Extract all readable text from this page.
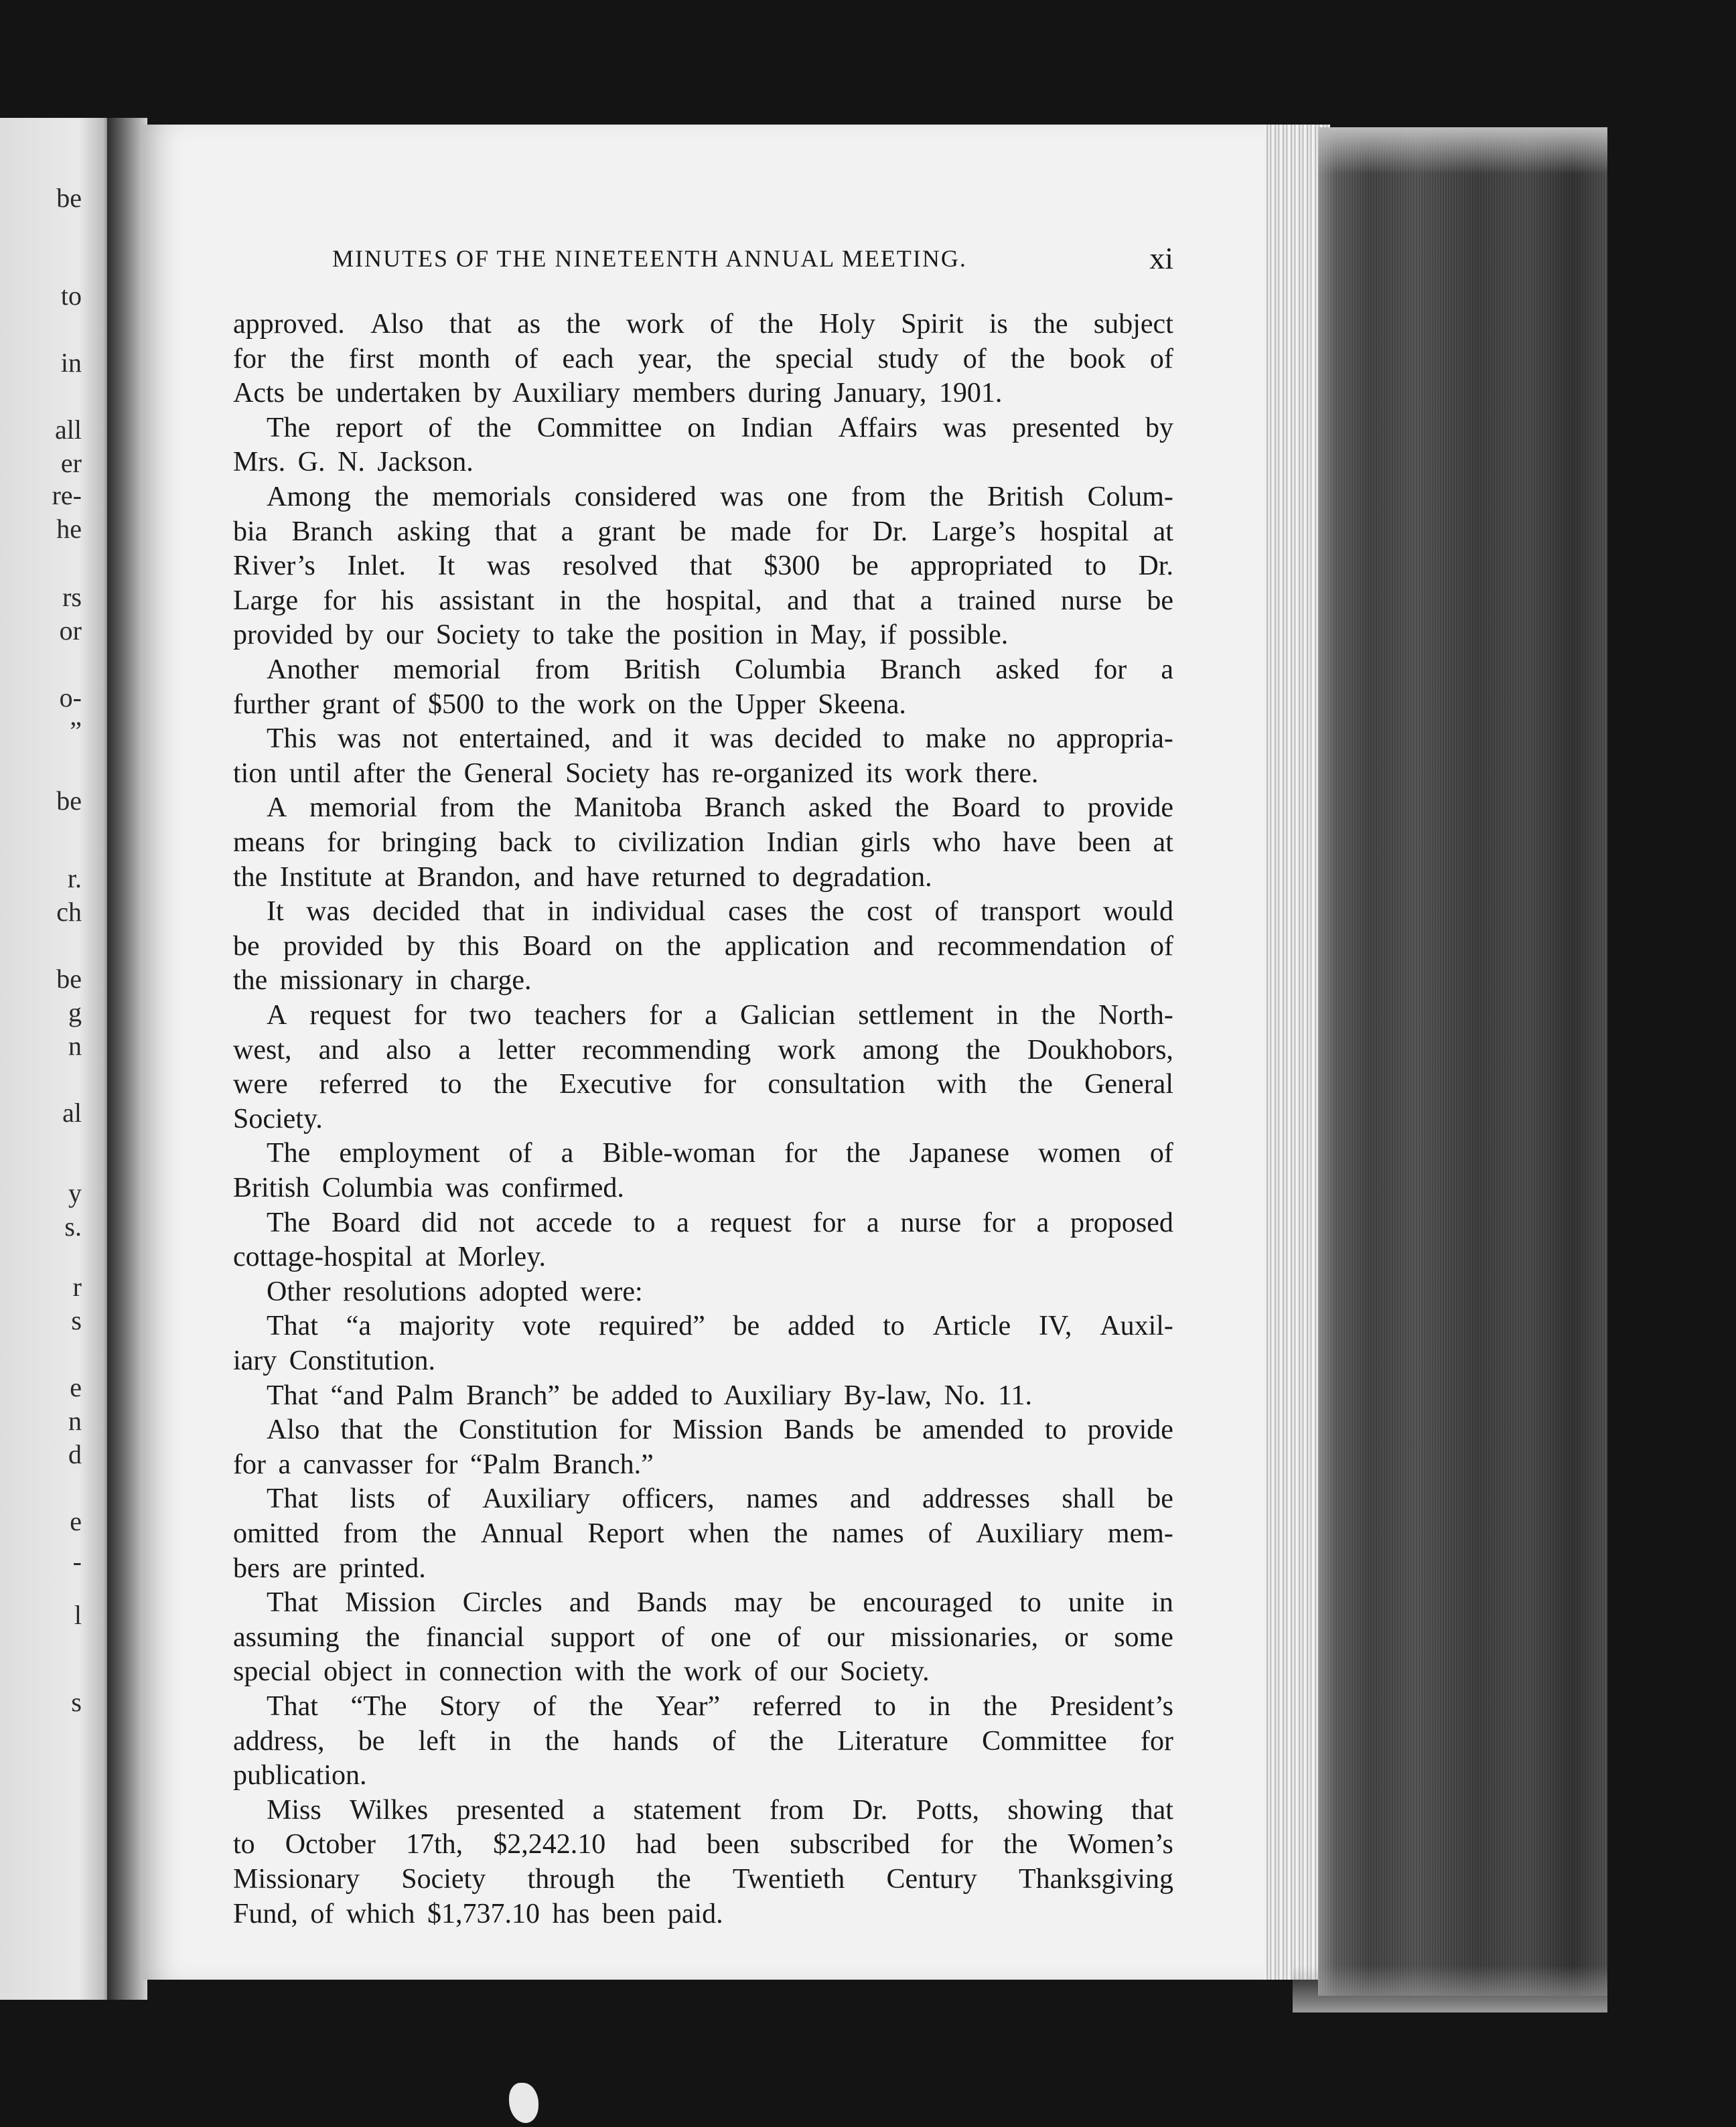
be
to
in
all
er
re-
he
rs
or
o-
”
be
r.
ch
be
g
n
al
y
s.
r
s
e
n
d
e
-
l
s
MINUTES OF THE NINETEENTH ANNUAL MEETING.	xi
approved. Also that as the work of the Holy Spirit is the subject
for the first month of each year, the special study of the book of
Acts be undertaken by Auxiliary members during January, 1901.
The report of the Committee on Indian Affairs was presented by
Mrs. G. N. Jackson.
Among the memorials considered was one from the British Colum-
bia Branch asking that a grant be made for Dr. Large’s hospital at
River’s Inlet. It was resolved that $300 be appropriated to Dr.
Large for his assistant in the hospital, and that a trained nurse be
provided by our Society to take the position in May, if possible.
Another memorial from British Columbia Branch asked for a
further grant of $500 to the work on the Upper Skeena.
This was not entertained, and it was decided to make no appropria-
tion until after the General Society has re-organized its work there.
A memorial from the Manitoba Branch asked the Board to provide
means for bringing back to civilization Indian girls who have been at
the Institute at Brandon, and have returned to degradation.
It was decided that in individual cases the cost of transport would
be provided by this Board on the application and recommendation of
the missionary in charge.
A request for two teachers for a Galician settlement in the North-
west, and also a letter recommending work among the Doukhobors,
were referred to the Executive for consultation with the General
Society.
The employment of a Bible-woman for the Japanese women of
British Columbia was confirmed.
The Board did not accede to a request for a nurse for a proposed
cottage-hospital at Morley.
Other resolutions adopted were:
That “a majority vote required” be added to Article IV, Auxil-
iary Constitution.
That “and Palm Branch” be added to Auxiliary By-law, No. 11.
Also that the Constitution for Mission Bands be amended to provide
for a canvasser for “Palm Branch.”
That lists of Auxiliary officers, names and addresses shall be
omitted from the Annual Report when the names of Auxiliary mem-
bers are printed.
That Mission Circles and Bands may be encouraged to unite in
assuming the financial support of one of our missionaries, or some
special object in connection with the work of our Society.
That “The Story of the Year” referred to in the President’s
address, be left in the hands of the Literature Committee for
publication.
Miss Wilkes presented a statement from Dr. Potts, showing that
to October 17th, $2,242.10 had been subscribed for the Women’s
Missionary Society through the Twentieth Century Thanksgiving
Fund, of which $1,737.10 has been paid.
